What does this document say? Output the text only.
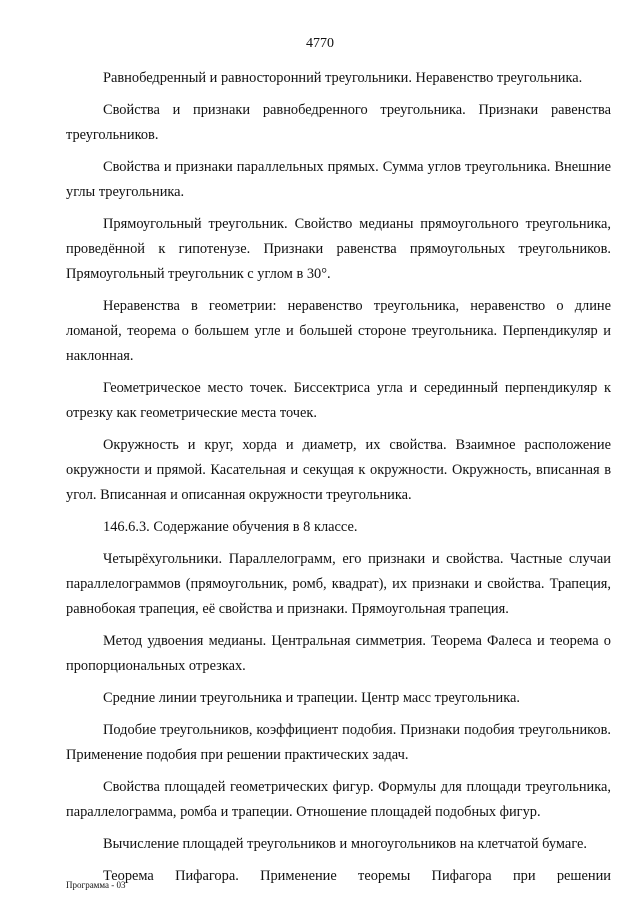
4770

Равнобедренный и равносторонний треугольники. Неравенство треугольника.

Свойства и признаки равнобедренного треугольника. Признаки равенства треугольников.

Свойства и признаки параллельных прямых. Сумма углов треугольника. Внешние углы треугольника.

Прямоугольный треугольник. Свойство медианы прямоугольного треугольника, проведённой к гипотенузе. Признаки равенства прямоугольных треугольников. Прямоугольный треугольник с углом в 30°.

Неравенства в геометрии: неравенство треугольника, неравенство о длине ломаной, теорема о большем угле и большей стороне треугольника. Перпендикуляр и наклонная.

Геометрическое место точек. Биссектриса угла и серединный перпендикуляр к отрезку как геометрические места точек.

Окружность и круг, хорда и диаметр, их свойства. Взаимное расположение окружности и прямой. Касательная и секущая к окружности. Окружность, вписанная в угол. Вписанная и описанная окружности треугольника.

146.6.3. Содержание обучения в 8 классе.

Четырёхугольники. Параллелограмм, его признаки и свойства. Частные случаи параллелограммов (прямоугольник, ромб, квадрат), их признаки и свойства. Трапеция, равнобокая трапеция, её свойства и признаки. Прямоугольная трапеция.

Метод удвоения медианы. Центральная симметрия. Теорема Фалеса и теорема о пропорциональных отрезках.

Средние линии треугольника и трапеции. Центр масс треугольника.

Подобие треугольников, коэффициент подобия. Признаки подобия треугольников. Применение подобия при решении практических задач.

Свойства площадей геометрических фигур. Формулы для площади треугольника, параллелограмма, ромба и трапеции. Отношение площадей подобных фигур.

Вычисление площадей треугольников и многоугольников на клетчатой бумаге.

Теорема Пифагора. Применение теоремы Пифагора при решении

Программа - 03
